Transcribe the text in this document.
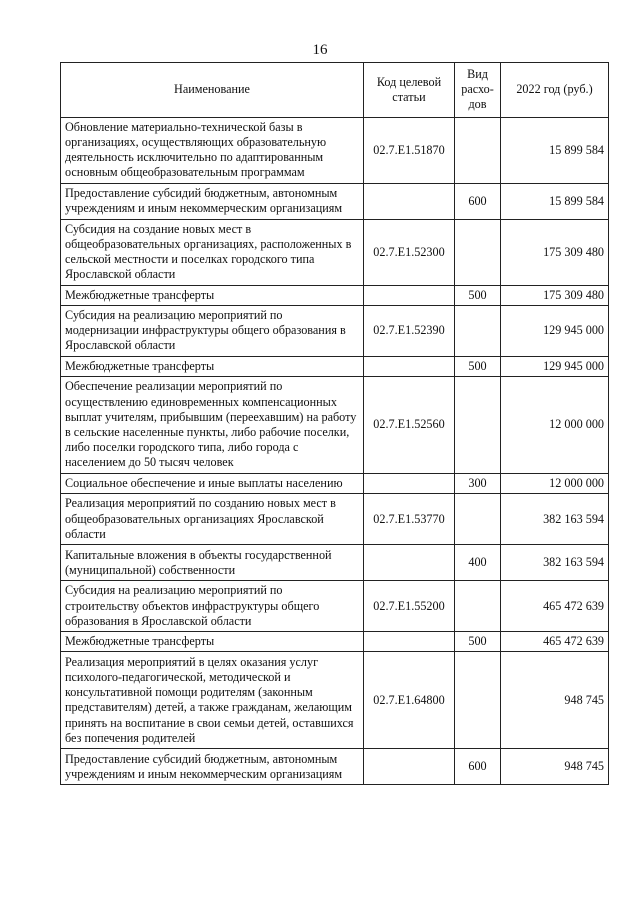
16
Наименование	Код целевой статьи	Вид расхо-дов	2022 год (руб.)
Обновление материально-технической базы в организациях, осуществляющих образовательную деятельность исключительно по адаптированным основным общеобразовательным программам	02.7.E1.51870		15 899 584
Предоставление субсидий бюджетным, автономным учреждениям и иным некоммерческим организациям		600	15 899 584
Субсидия на создание новых мест в общеобразовательных организациях, расположенных в сельской местности и поселках городского типа Ярославской области	02.7.E1.52300		175 309 480
Межбюджетные трансферты		500	175 309 480
Субсидия на реализацию мероприятий по модернизации инфраструктуры общего образования в Ярославской области	02.7.E1.52390		129 945 000
Межбюджетные трансферты		500	129 945 000
Обеспечение реализации мероприятий по осуществлению единовременных компенсационных выплат учителям, прибывшим (переехавшим) на работу в сельские населенные пункты, либо рабочие поселки, либо поселки городского типа, либо города с населением до 50 тысяч человек	02.7.E1.52560		12 000 000
Социальное обеспечение и иные выплаты населению		300	12 000 000
Реализация мероприятий по созданию новых мест в общеобразовательных организациях Ярославской области	02.7.E1.53770		382 163 594
Капитальные вложения в объекты государственной (муниципальной) собственности		400	382 163 594
Субсидия на реализацию мероприятий по строительству объектов инфраструктуры общего образования в Ярославской области	02.7.E1.55200		465 472 639
Межбюджетные трансферты		500	465 472 639
Реализация мероприятий в целях оказания услуг психолого-педагогической, методической и консультативной помощи родителям (законным представителям) детей, а также гражданам, желающим принять на воспитание в свои семьи детей, оставшихся без попечения родителей	02.7.E1.64800		948 745
Предоставление субсидий бюджетным, автономным учреждениям и иным некоммерческим организациям		600	948 745
